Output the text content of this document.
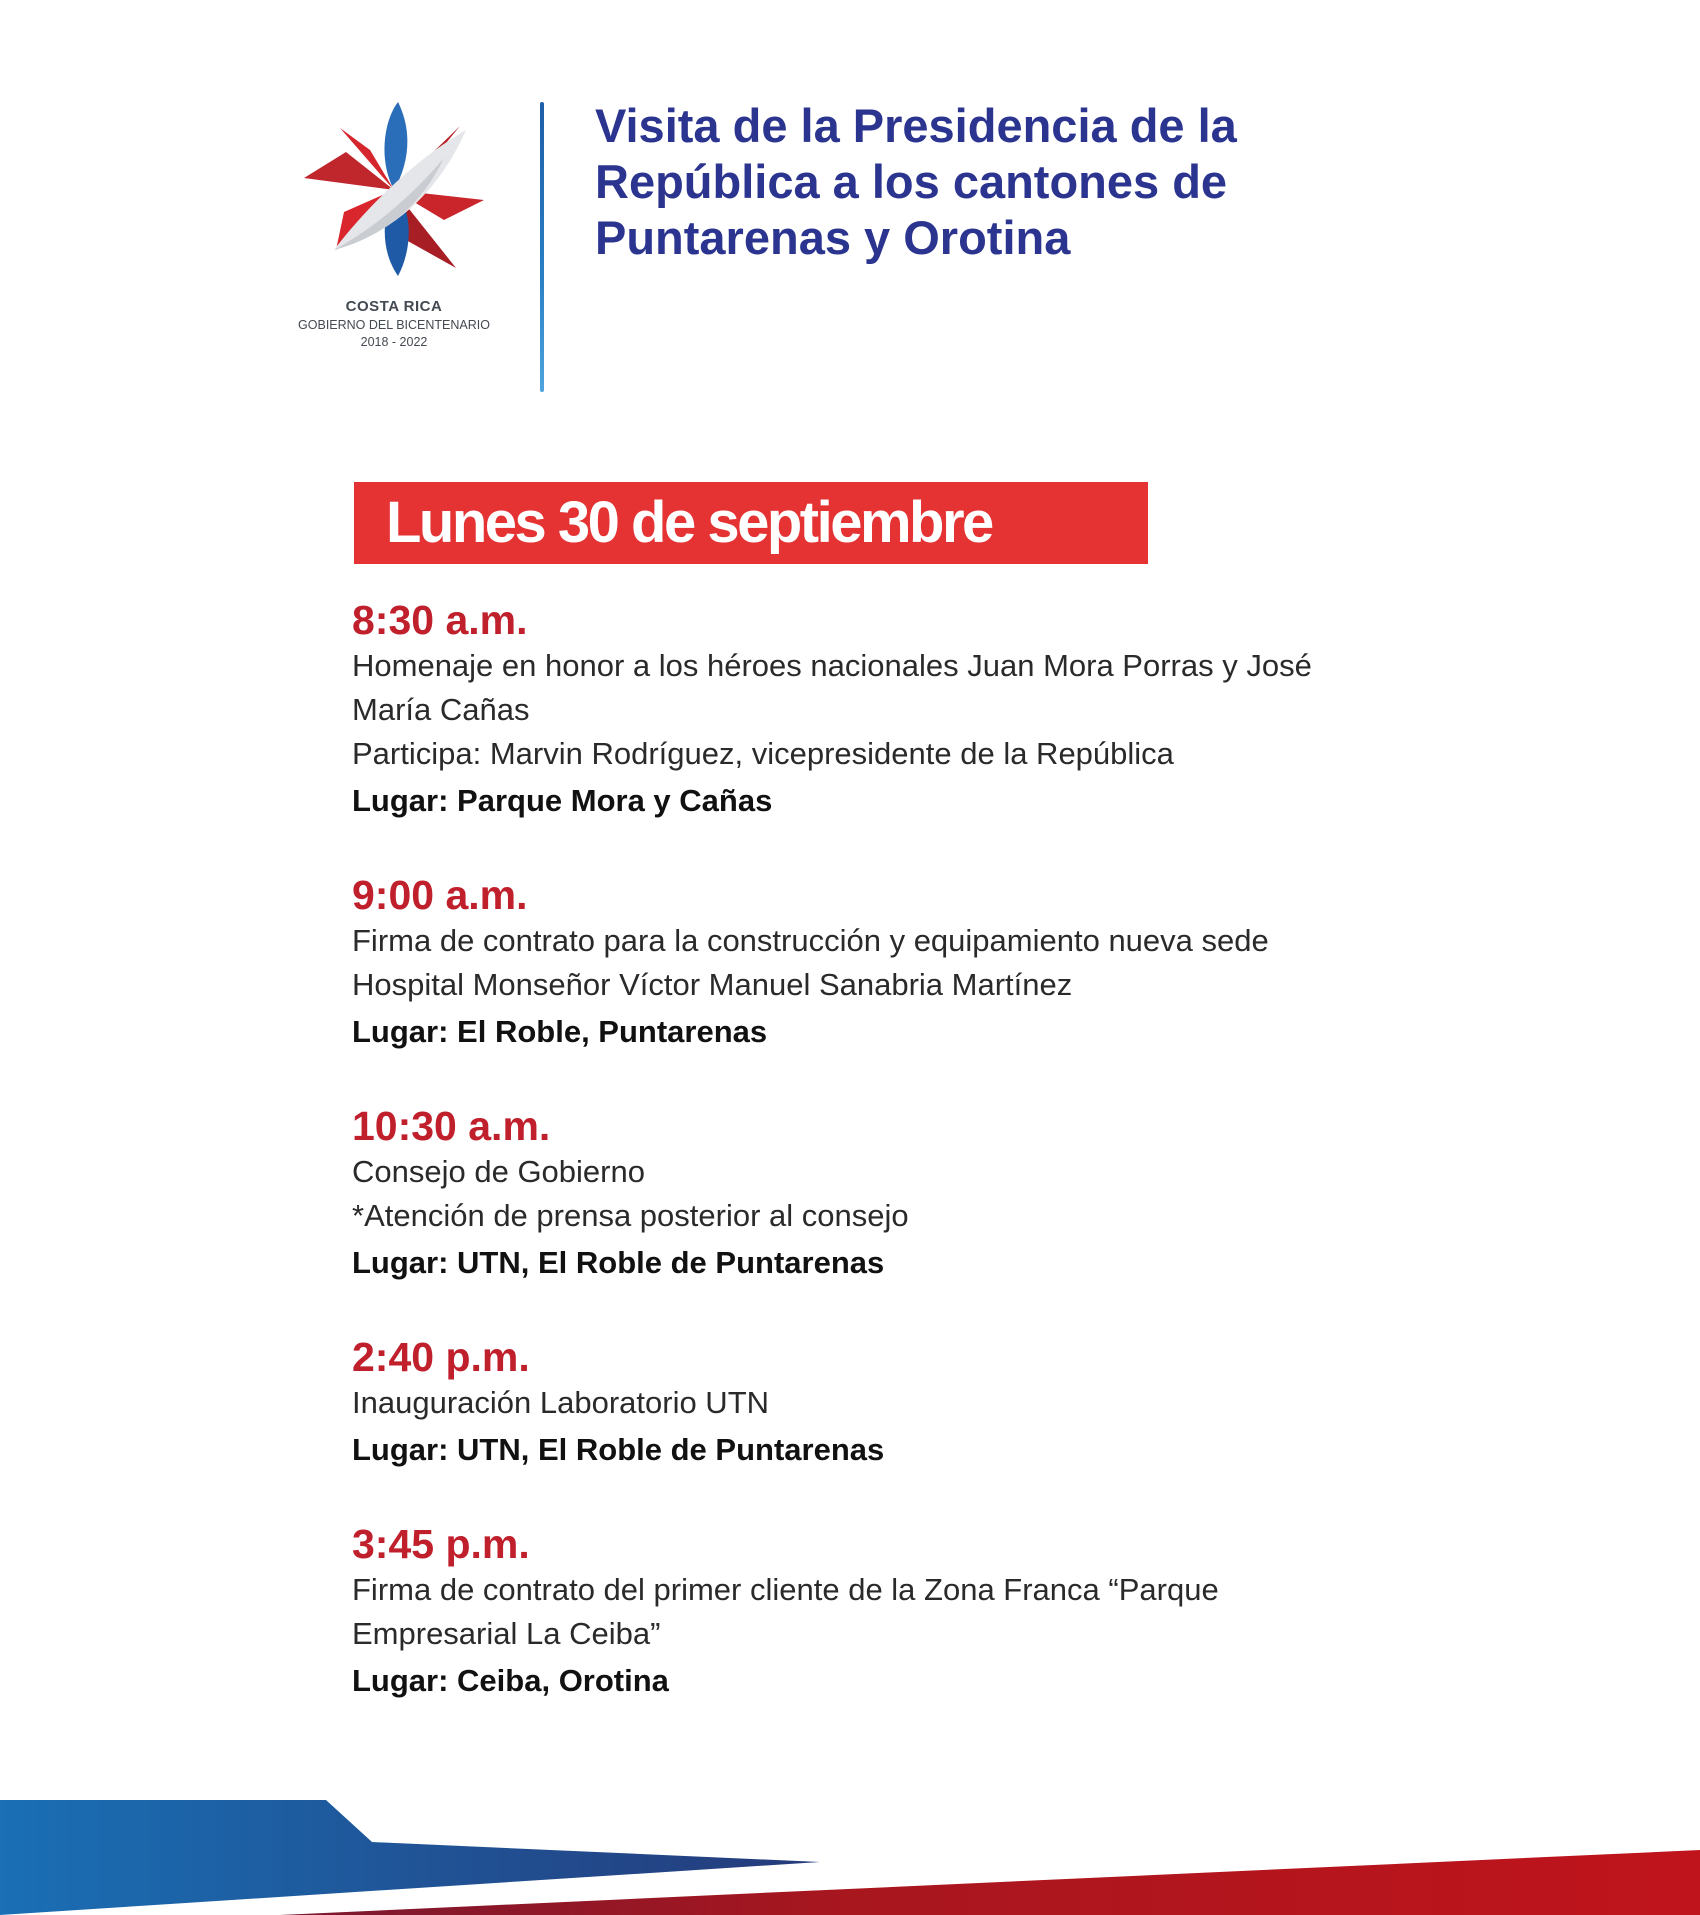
COSTA RICA
GOBIERNO DEL BICENTENARIO
2018 - 2022
Visita de la Presidencia de la
República a los cantones de
Puntarenas y Orotina
Lunes 30 de septiembre
8:30 a.m.
Homenaje en honor a los héroes nacionales Juan Mora Porras y José
María Cañas
Participa: Marvin Rodríguez, vicepresidente de la República
Lugar: Parque Mora y Cañas
9:00 a.m.
Firma de contrato para la construcción y equipamiento nueva sede
Hospital Monseñor Víctor Manuel Sanabria Martínez
Lugar: El Roble, Puntarenas
10:30 a.m.
Consejo de Gobierno
*Atención de prensa posterior al consejo
Lugar: UTN, El Roble de Puntarenas
2:40 p.m.
Inauguración Laboratorio UTN
Lugar: UTN, El Roble de Puntarenas
3:45 p.m.
Firma de contrato del primer cliente de la Zona Franca “Parque
Empresarial La Ceiba”
Lugar: Ceiba, Orotina
